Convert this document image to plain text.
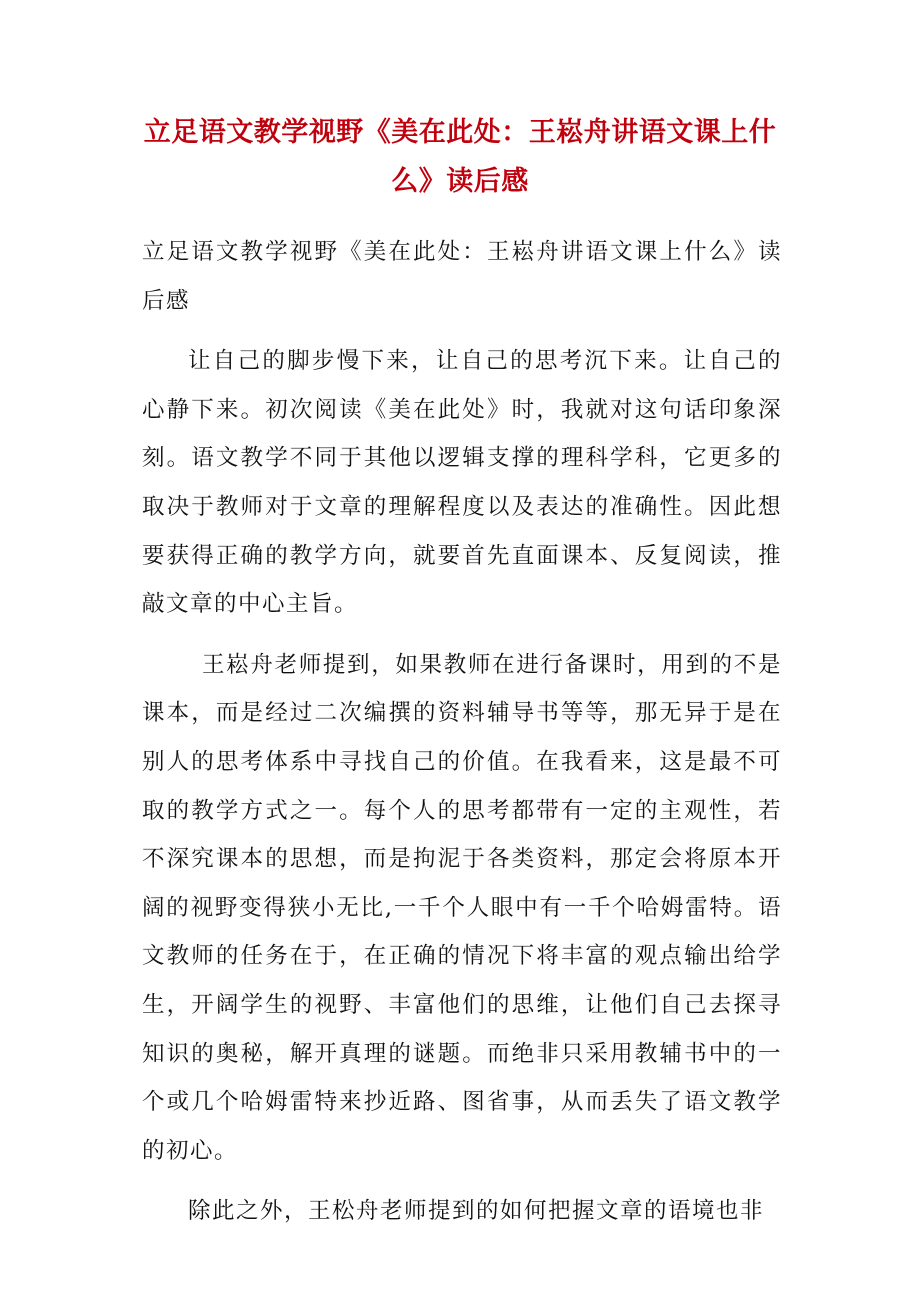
立足语文教学视野《美在此处：王崧舟讲语文课上什么》读后感

立足语文教学视野《美在此处：王崧舟讲语文课上什么》读后感

让自己的脚步慢下来，让自己的思考沉下来。让自己的心静下来。初次阅读《美在此处》时，我就对这句话印象深刻。语文教学不同于其他以逻辑支撑的理科学科，它更多的取决于教师对于文章的理解程度以及表达的准确性。因此想要获得正确的教学方向，就要首先直面课本、反复阅读，推敲文章的中心主旨。

王崧舟老师提到，如果教师在进行备课时，用到的不是课本，而是经过二次编撰的资料辅导书等等，那无异于是在别人的思考体系中寻找自己的价值。在我看来，这是最不可取的教学方式之一。每个人的思考都带有一定的主观性，若不深究课本的思想，而是拘泥于各类资料，那定会将原本开阔的视野变得狭小无比,一千个人眼中有一千个哈姆雷特。语文教师的任务在于，在正确的情况下将丰富的观点输出给学生，开阔学生的视野、丰富他们的思维，让他们自己去探寻知识的奥秘，解开真理的谜题。而绝非只采用教辅书中的一个或几个哈姆雷特来抄近路、图省事，从而丢失了语文教学的初心。

除此之外，王松舟老师提到的如何把握文章的语境也非
